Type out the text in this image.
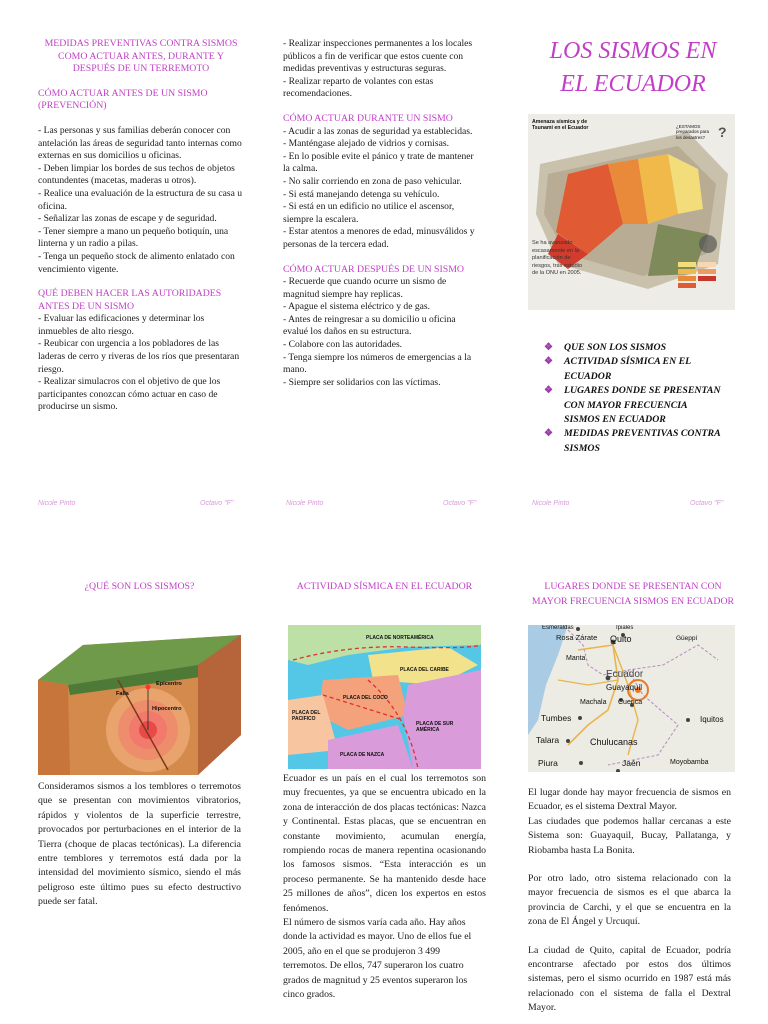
MEDIDAS PREVENTIVAS CONTRA SISMOS

COMO ACTUAR ANTES, DURANTE Y DESPUÉS DE UN TERREMOTO

CÓMO ACTUAR ANTES DE UN SISMO (PREVENCIÓN)

- Las personas y sus familias deberán conocer con antelación las áreas de seguridad tanto internas como externas en sus domicilios u oficinas.

- Deben limpiar los bordes de sus techos de objetos contundentes (macetas, maderas u otros).

- Realice una evaluación de la estructura de su casa u oficina.

- Señalizar las zonas de escape y de seguridad.

- Tener siempre a mano un pequeño botiquín, una linterna y un radio a pilas.

- Tenga un pequeño stock de alimento enlatado con vencimiento vigente.

QUÉ DEBEN HACER LAS AUTORIDADES ANTES DE UN SISMO

- Evaluar las edificaciones y determinar los inmuebles de alto riesgo.

- Reubicar con urgencia a los pobladores de las laderas de cerro y riveras de los ríos que presentaran riesgo.

- Realizar simulacros con el objetivo de que los participantes conozcan cómo actuar en caso de producirse un sismo.

Nicole Pinto	Octavo "F"

- Realizar inspecciones permanentes a los locales públicos a fin de verificar que estos cuente con medidas preventivas y estructuras seguras.

- Realizar reparto de volantes con estas recomendaciones.

CÓMO ACTUAR DURANTE UN SISMO

- Acudir a las zonas de seguridad ya establecidas.

- Manténgase alejado de vidrios y cornisas.

- En lo posible evite el pánico y trate de mantener la calma.

- No salir corriendo en zona de paso vehicular.

- Si está manejando detenga su vehículo.

- Si está en un edificio no utilice el ascensor, siempre la escalera.

- Estar atentos a menores de edad, minusválidos y personas de la tercera edad.

CÓMO ACTUAR DESPUÉS DE UN SISMO

- Recuerde que cuando ocurre un sismo de magnitud siempre hay replicas.

- Apague el sistema eléctrico y de gas.

- Antes de reingresar a su domicilio u oficina evalué los daños en su estructura.

- Colabore con las autoridades.

- Tenga siempre los números de emergencias a la mano.

- Siempre ser solidarios con las víctimas.

Nicole Pinto	Octavo "F"
LOS SISMOS EN
EL ECUADOR
Amenaza sísmica y de Tsunami en el Ecuador	¿ESTAMOS preparados para los desastres? ?
Se ha avanzado escasamente en la planificación de riesgos, tras estudio de la ONU en 2005.
❖ QUE SON LOS SISMOS
❖ ACTIVIDAD SÍSMICA EN EL ECUADOR
❖ LUGARES DONDE SE PRESENTAN CON MAYOR FRECUENCIA SISMOS EN ECUADOR
❖ MEDIDAS PREVENTIVAS CONTRA SISMOS
Nicole Pinto	Octavo "F"
¿QUÉ SON LOS SISMOS?
Epicentro
Falla
Hipocentro
Consideramos sismos a los temblores o terremotos que se presentan con movimientos vibratorios, rápidos y violentos de la superficie terrestre, provocados por perturbaciones en el interior de la Tierra (choque de placas tectónicas). La diferencia entre temblores y terremotos está dada por la intensidad del movimiento sísmico, siendo el más peligroso este último pues su efecto destructivo puede ser fatal.
ACTIVIDAD SÍSMICA EN EL ECUADOR
PLACA DE NORTEAMÉRICA
PLACA DEL CARIBE
PLACA DEL COCO
PLACA DEL PACIFICO
PLACA DE SUR AMÉRICA
PLACA DE NAZCA

Ecuador es un país en el cual los terremotos son muy frecuentes, ya que se encuentra ubicado en la zona de interacción de dos placas tectónicas: Nazca y Continental. Estas placas, que se encuentran en constante movimiento, acumulan energía, rompiendo rocas de manera repentina ocasionando los famosos sismos. “Esta interacción es un proceso permanente. Se ha mantenido desde hace 25 millones de años”, dicen los expertos en estos fenómenos.

El número de sismos varía cada año. Hay años donde la actividad es mayor. Uno de ellos fue el 2005, año en el que se produjeron 3 499 terremotos. De ellos, 747 superaron los cuatro grados de magnitud y 25 eventos superaron los cinco grados.

LUGARES DONDE SE PRESENTAN CON MAYOR FRECUENCIA SISMOS EN ECUADOR
Esmeraldas	Ipiales
Rosa Zárate Quito	Güeppí
Manta
Ecuador
Guayaquil
Machala Cuenca
Tumbes	Iquitos
Talara	Chulucanas
Piura	Jaén	Moyobamba

El lugar donde hay mayor frecuencia de sismos en Ecuador, es el sistema Dextral Mayor.

Las ciudades que podemos hallar cercanas a este Sistema son: Guayaquil, Bucay, Pallatanga, y Riobamba hasta La Bonita.

Por otro lado, otro sistema relacionado con la mayor frecuencia de sismos es el que abarca la provincia de Carchi, y el que se encuentra en la zona de El Ángel y Urcuquí.

La ciudad de Quito, capital de Ecuador, podría encontrarse afectado por estos dos últimos sistemas, pero el sismo ocurrido en 1987 está más relacionado con el sistema de falla el Dextral Mayor.
